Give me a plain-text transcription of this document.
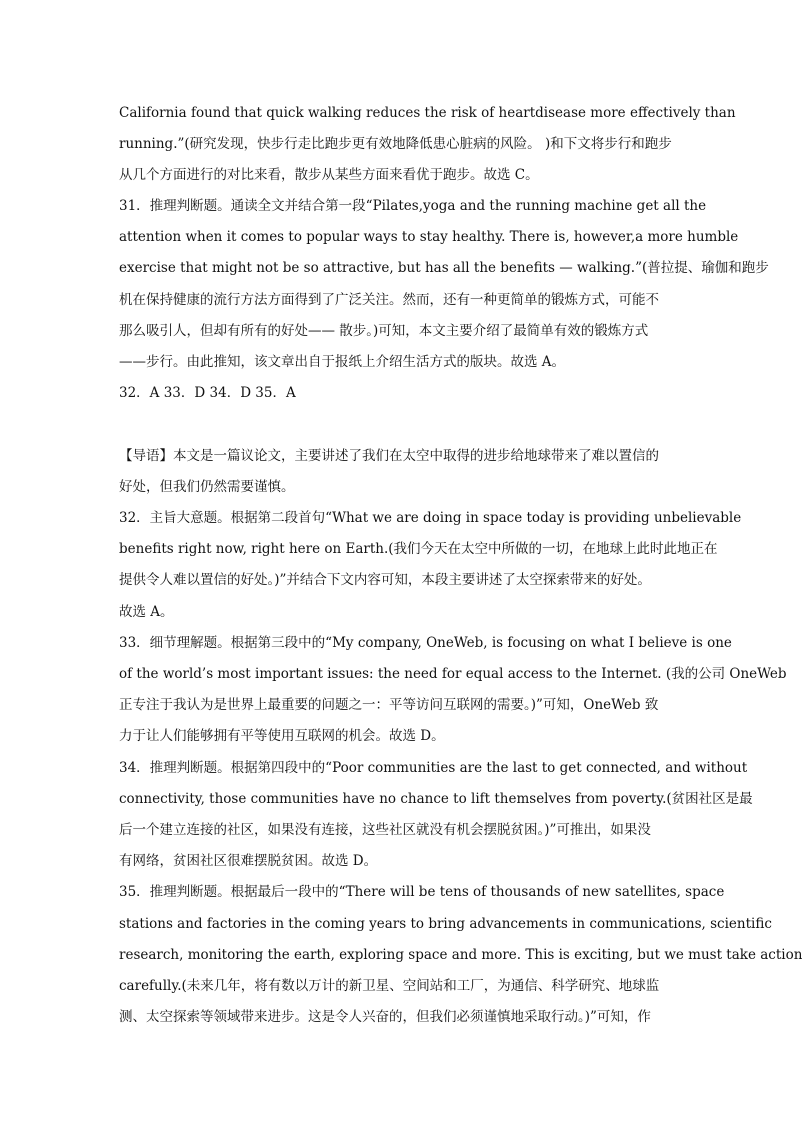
California found that quick walking reduces the risk of heartdisease more effectively than
running.”(研究发现，快步行走比跑步更有效地降低患心脏病的风险。 )和下文将步行和跑步
从几个方面进行的对比来看，散步从某些方面来看优于跑步。故选 C。
31．推理判断题。通读全文并结合第一段“Pilates,yoga and the running machine get all the
attention when it comes to popular ways to stay healthy. There is, however,a more humble
exercise that might not be so attractive, but has all the benefits — walking.”(普拉提、瑜伽和跑步
机在保持健康的流行方法方面得到了广泛关注。然而，还有一种更简单的锻炼方式，可能不
那么吸引人，但却有所有的好处—— 散步。)可知，本文主要介绍了最简单有效的锻炼方式
——步行。由此推知，该文章出自于报纸上介绍生活方式的版块。故选 A。
32．A 33．D 34．D 35．A
【导语】本文是一篇议论文，主要讲述了我们在太空中取得的进步给地球带来了难以置信的
好处，但我们仍然需要谨慎。
32．主旨大意题。根据第二段首句“What we are doing in space today is providing unbelievable
benefits right now, right here on Earth.(我们今天在太空中所做的一切，在地球上此时此地正在
提供令人难以置信的好处。)”并结合下文内容可知，本段主要讲述了太空探索带来的好处。
故选 A。
33．细节理解题。根据第三段中的“My company, OneWeb, is focusing on what I believe is one
of the world’s most important issues: the need for equal access to the Internet. (我的公司 OneWeb
正专注于我认为是世界上最重要的问题之一：平等访问互联网的需要。)”可知，OneWeb 致
力于让人们能够拥有平等使用互联网的机会。故选 D。
34．推理判断题。根据第四段中的“Poor communities are the last to get connected, and without
connectivity, those communities have no chance to lift themselves from poverty.(贫困社区是最
后一个建立连接的社区，如果没有连接，这些社区就没有机会摆脱贫困。)”可推出，如果没
有网络，贫困社区很难摆脱贫困。故选 D。
35．推理判断题。根据最后一段中的“There will be tens of thousands of new satellites, space
stations and factories in the coming years to bring advancements in communications, scientific
research, monitoring the earth, exploring space and more. This is exciting, but we must take action
carefully.(未来几年，将有数以万计的新卫星、空间站和工厂，为通信、科学研究、地球监
测、太空探索等领域带来进步。这是令人兴奋的，但我们必须谨慎地采取行动。)”可知，作
